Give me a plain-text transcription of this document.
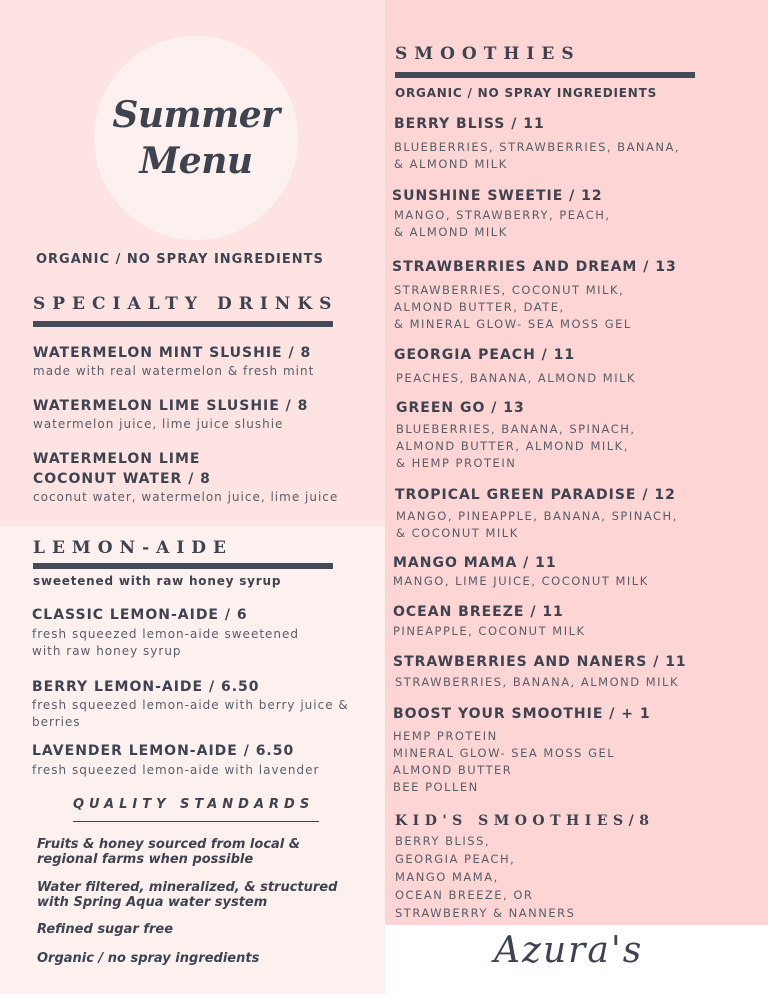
Summer
Menu
ORGANIC / NO SPRAY INGREDIENTS
SPECIALTY DRINKS
WATERMELON MINT SLUSHIE / 8
made with real watermelon & fresh mint
WATERMELON LIME SLUSHIE / 8
watermelon juice, lime juice slushie
WATERMELON LIME
COCONUT WATER / 8
coconut water, watermelon juice, lime juice
LEMON-AIDE
sweetened with raw honey syrup
CLASSIC LEMON-AIDE / 6
fresh squeezed lemon-aide sweetened
with raw honey syrup
BERRY LEMON-AIDE / 6.50
fresh squeezed lemon-aide with berry juice &
berries
LAVENDER LEMON-AIDE / 6.50
fresh squeezed lemon-aide with lavender
QUALITY STANDARDS
Fruits & honey sourced from local &
regional farms when possible
Water filtered, mineralized, & structured
with Spring Aqua water system
Refined sugar free
Organic / no spray ingredients
SMOOTHIES
ORGANIC / NO SPRAY INGREDIENTS
BERRY BLISS / 11
BLUEBERRIES, STRAWBERRIES, BANANA,
& ALMOND MILK
SUNSHINE SWEETIE / 12
MANGO, STRAWBERRY, PEACH,
& ALMOND MILK
STRAWBERRIES AND DREAM / 13
STRAWBERRIES, COCONUT MILK,
ALMOND BUTTER, DATE,
& MINERAL GLOW- SEA MOSS GEL
GEORGIA PEACH / 11
PEACHES, BANANA, ALMOND MILK
GREEN GO / 13
BLUEBERRIES, BANANA, SPINACH,
ALMOND BUTTER, ALMOND MILK,
& HEMP PROTEIN
TROPICAL GREEN PARADISE / 12
MANGO, PINEAPPLE, BANANA, SPINACH,
& COCONUT MILK
MANGO MAMA / 11
MANGO, LIME JUICE, COCONUT MILK
OCEAN BREEZE / 11
PINEAPPLE, COCONUT MILK
STRAWBERRIES AND NANERS / 11
STRAWBERRIES, BANANA, ALMOND MILK
BOOST YOUR SMOOTHIE / + 1
HEMP PROTEIN
MINERAL GLOW- SEA MOSS GEL
ALMOND BUTTER
BEE POLLEN
KID'S SMOOTHIES/8
BERRY BLISS,
GEORGIA PEACH,
MANGO MAMA,
OCEAN BREEZE, OR
STRAWBERRY & NANNERS
Azura's
